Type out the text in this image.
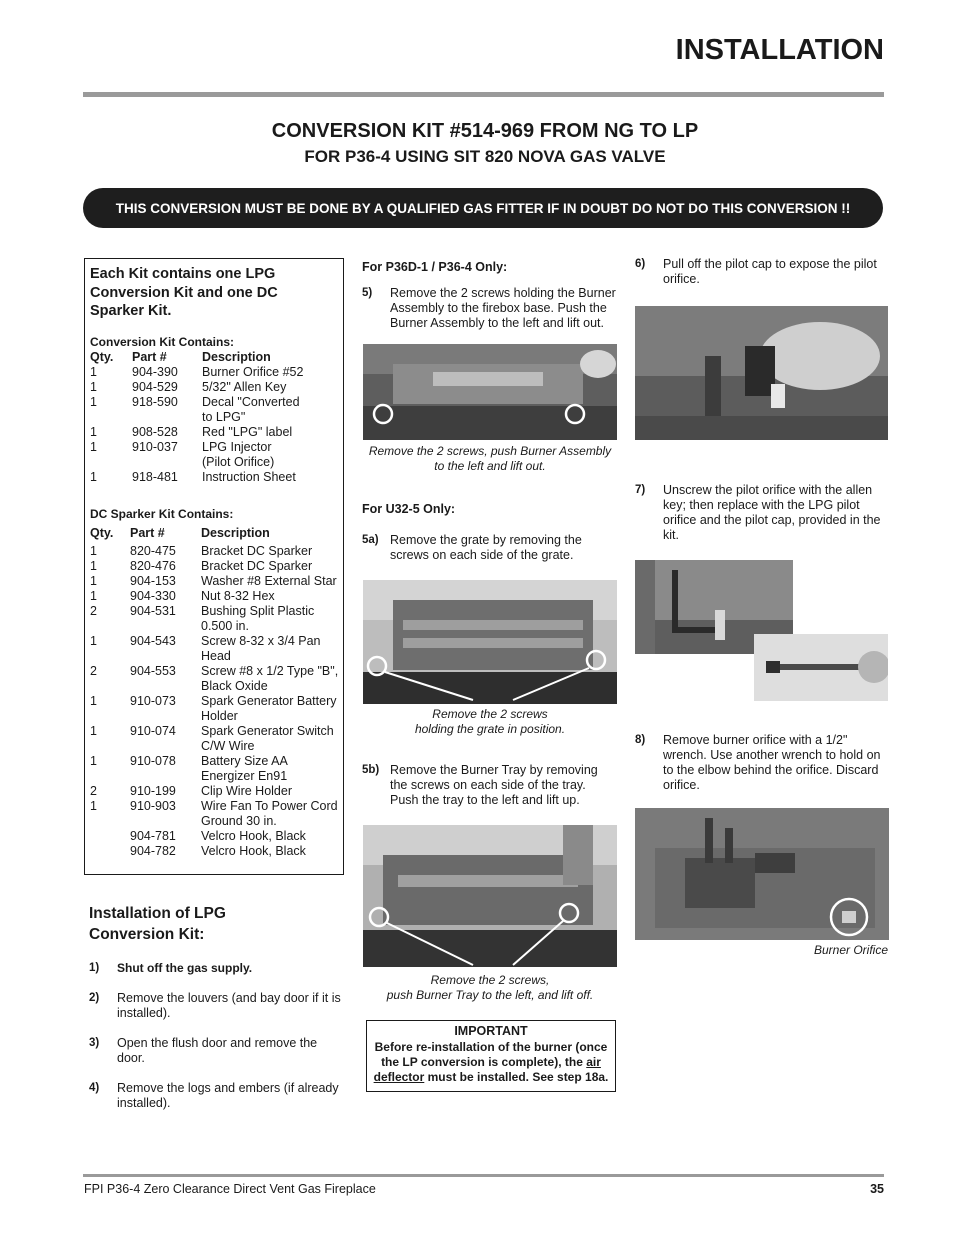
INSTALLATION
CONVERSION KIT #514-969 FROM NG TO LP
FOR P36-4 USING SIT 820 NOVA GAS VALVE
THIS CONVERSION MUST BE DONE BY A QUALIFIED GAS FITTER IF IN DOUBT DO NOT DO THIS CONVERSION !!
Each Kit contains one LPG
Conversion Kit and one DC
Sparker Kit.
Conversion Kit Contains:
Qty. Part #	Description
1	904-390 Burner Orifice #52
1	904-529 5/32" Allen Key
1	918-590 Decal "Converted
to LPG"
1	908-528 Red "LPG" label
1	910-037 LPG Injector
(Pilot Orifice)
1	918-481 Instruction Sheet
DC Sparker Kit Contains:
Qty. Part #	Description
1	820-475 Bracket DC Sparker
1	820-476 Bracket DC Sparker
1	904-153 Washer #8 External Star
1	904-330 Nut 8-32 Hex
2	904-531 Bushing Split Plastic
0.500 in.
1	904-543 Screw 8-32 x 3/4 Pan
Head
2	904-553 Screw #8 x 1/2 Type "B",
Black Oxide
1	910-073 Spark Generator Battery
Holder
1	910-074 Spark Generator Switch
C/W Wire
1	910-078 Battery Size AA
Energizer En91
2	910-199 Clip Wire Holder
1	910-903 Wire Fan To Power Cord
Ground 30 in.
904-781 Velcro Hook, Black
904-782 Velcro Hook, Black
Installation of LPG
Conversion Kit:
1) Shut off the gas supply.
2) Remove the louvers (and bay door if it is
installed).
3) Open the flush door and remove the
door.
4) Remove the logs and embers (if already
installed).
For P36D-1 / P36-4 Only:
5) Remove the 2 screws holding the Burner
Assembly to the firebox base. Push the
Burner Assembly to the left and lift out.
Remove the 2 screws, push Burner Assembly
to the left and lift out.
For U32-5 Only:
5a) Remove the grate by removing the
screws on each side of the grate.
Remove the 2 screws
holding the grate in position.
5b) Remove the Burner Tray by removing
the screws on each side of the tray.
Push the tray to the left and lift up.
Remove the 2 screws,
push Burner Tray to the left, and lift off.
IMPORTANT
Before re-installation of the burner (once
the LP conversion is complete), the air
deflector must be installed. See step 18a.
6) Pull off the pilot cap to expose the pilot
orifice.
7) Unscrew the pilot orifice with the allen
key; then replace with the LPG pilot
orifice and the pilot cap, provided in the
kit.
8) Remove burner orifice with a 1/2"
wrench. Use another wrench to hold on
to the elbow behind the orifice. Discard
orifice.
Burner Orifice
FPI P36-4 Zero Clearance Direct Vent Gas Fireplace	35
